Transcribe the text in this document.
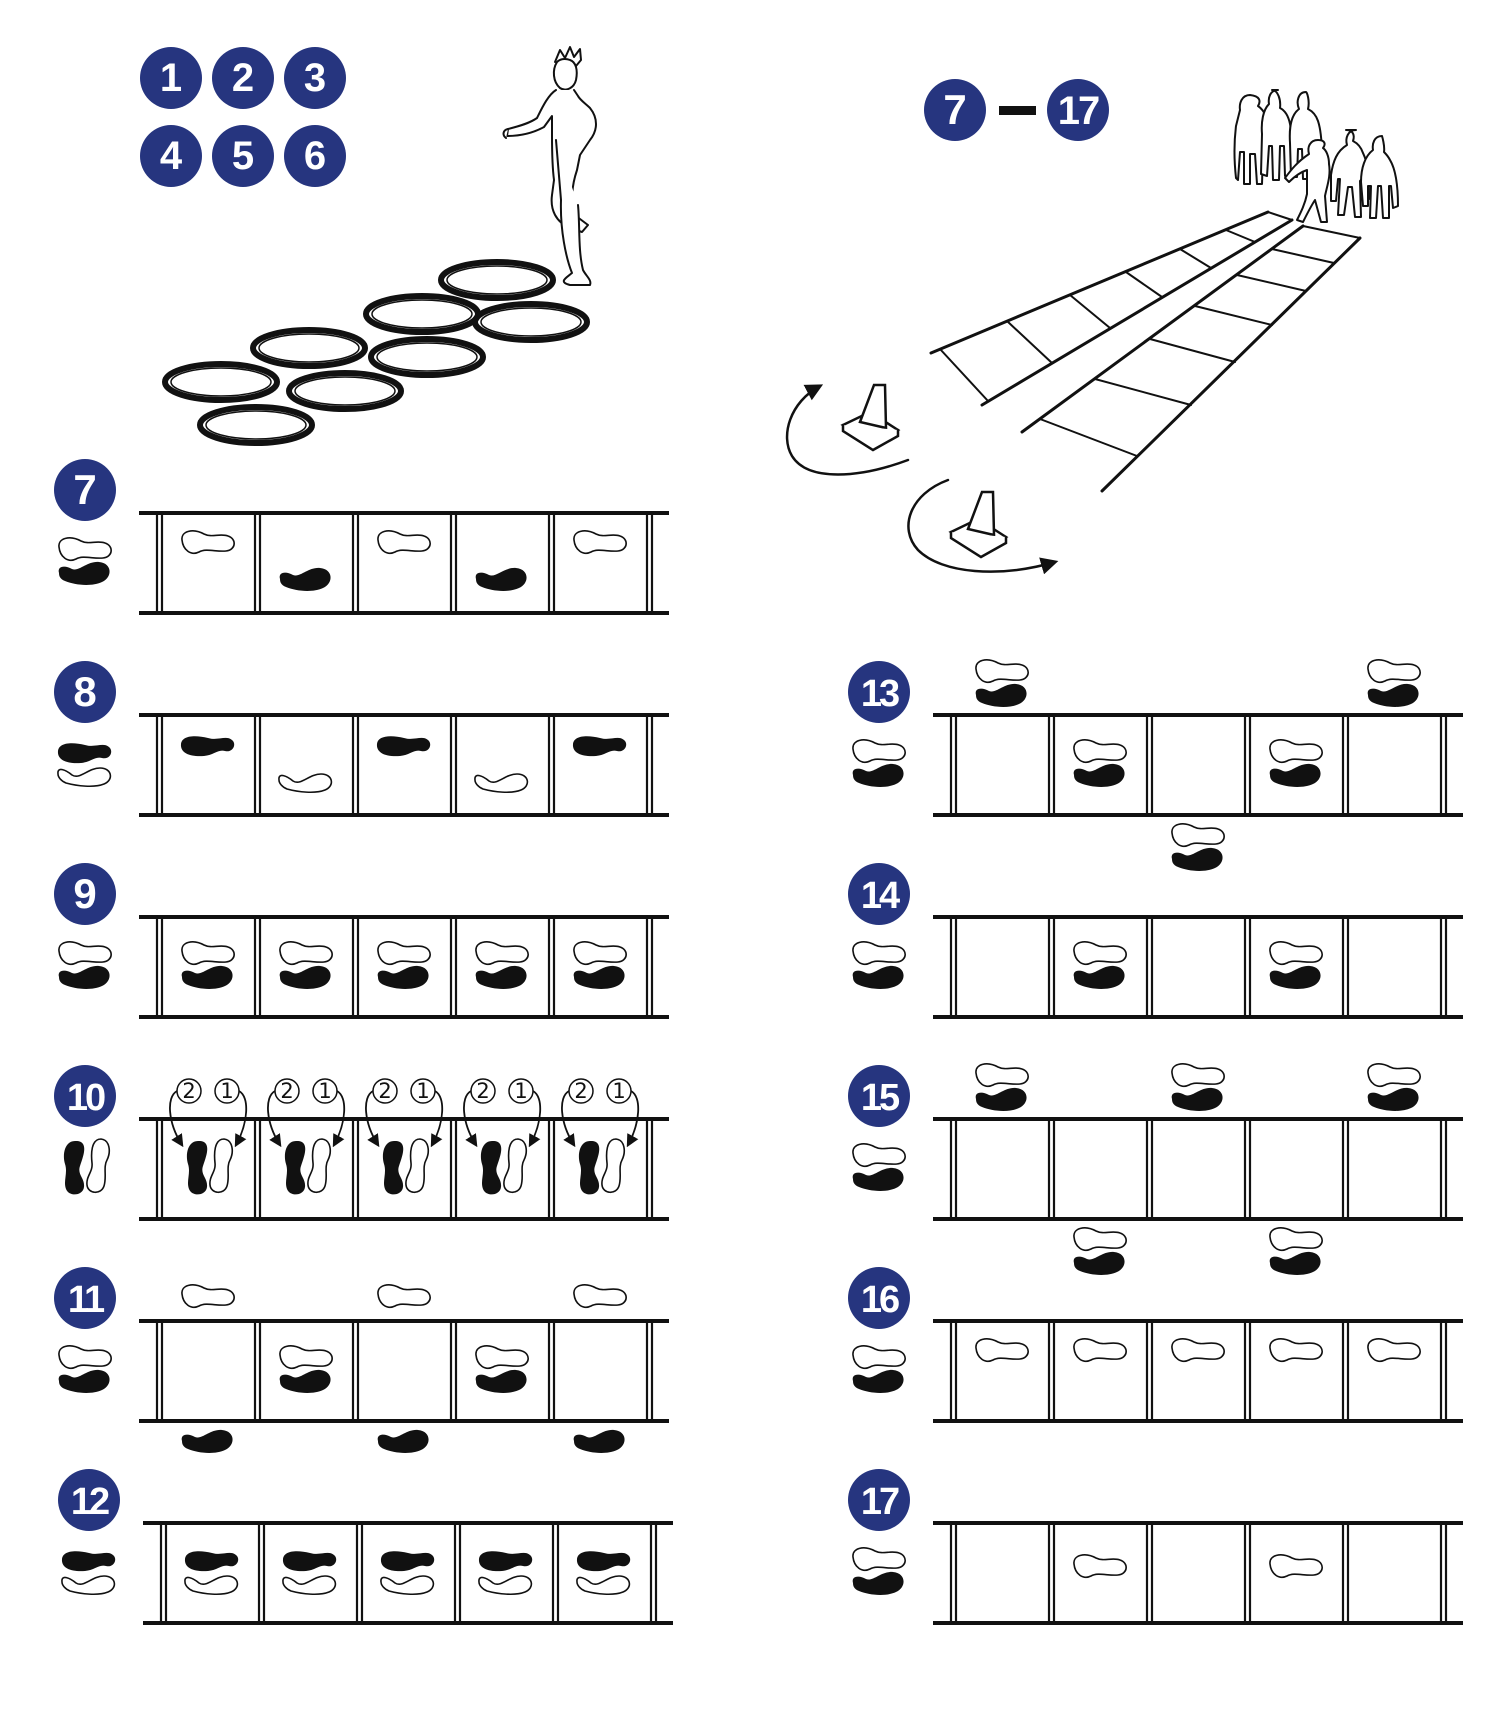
1 2 3
4 5 6
7 17
7
8
9
10	2 1 2 1 2 1 2 1 2 1
11
12
13
14
15
16
17
